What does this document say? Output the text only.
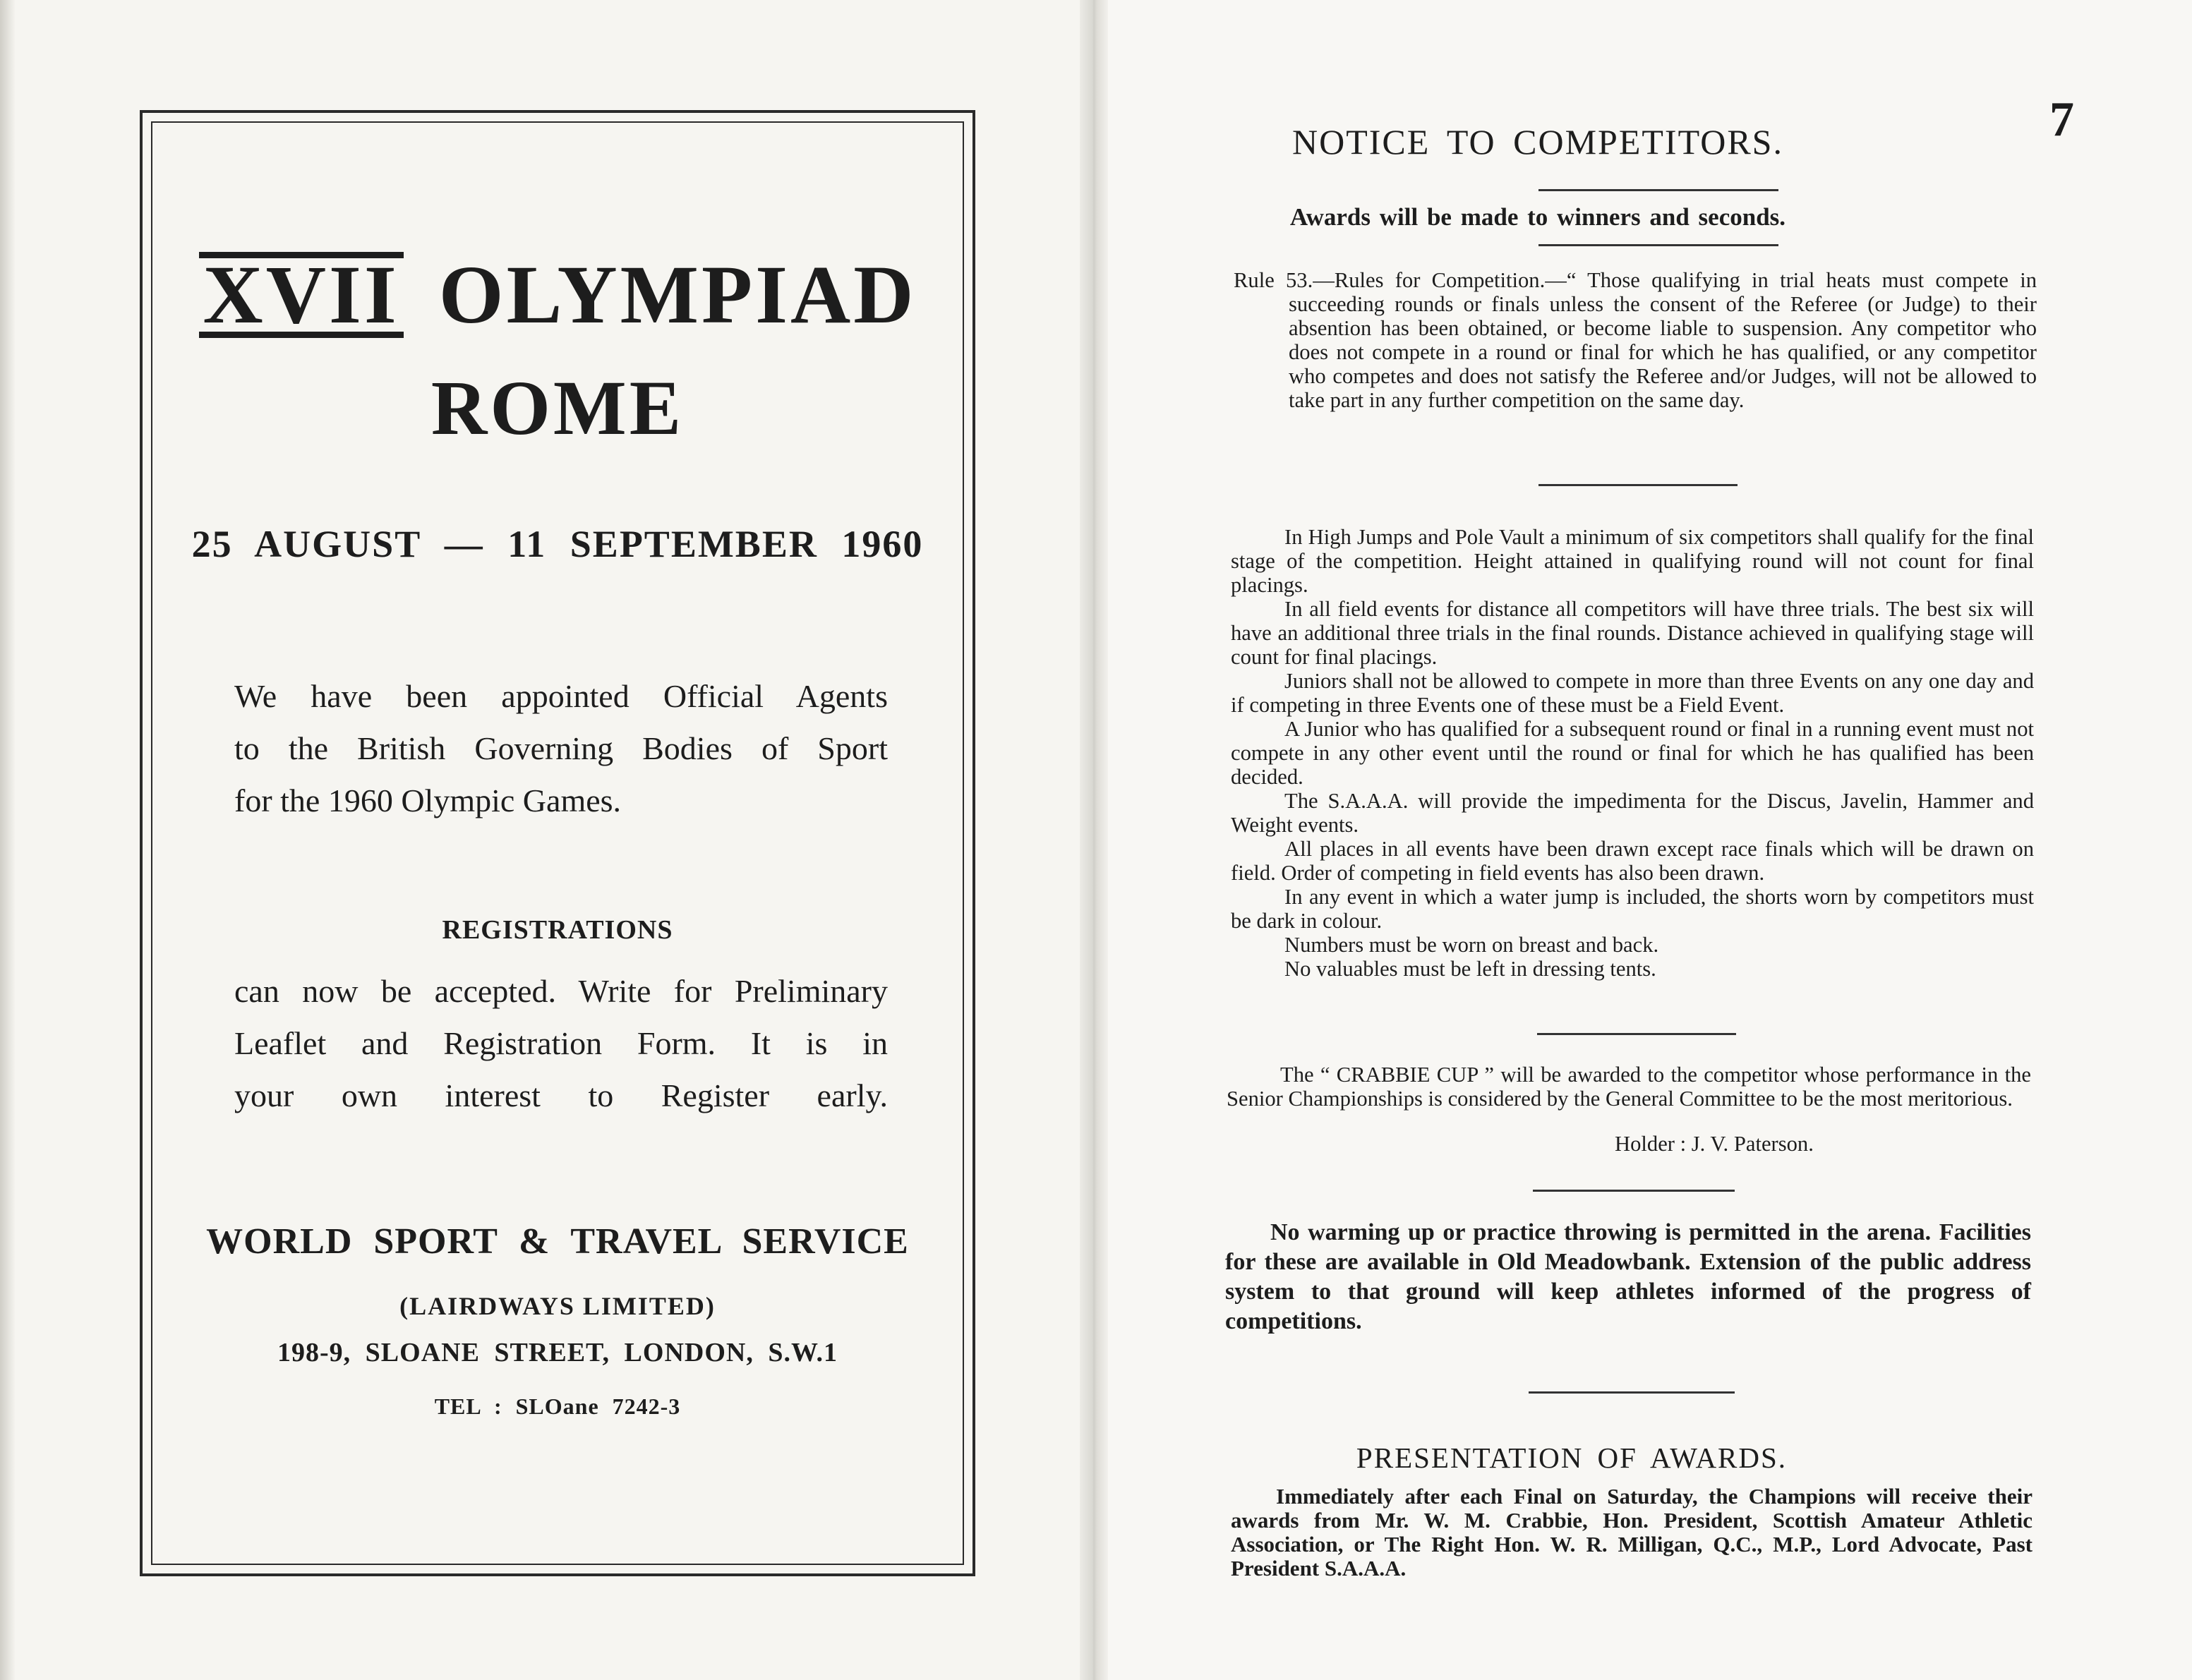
XVII OLYMPIAD
ROME
25 AUGUST — 11 SEPTEMBER 1960
We have been appointed Official Agents
to the British Governing Bodies of Sport
for the 1960 Olympic Games.
REGISTRATIONS
can now be accepted. Write for Preliminary
Leaflet and Registration Form. It is in
your own interest to Register early.
WORLD SPORT & TRAVEL SERVICE
(LAIRDWAYS LIMITED)
198-9, SLOANE STREET, LONDON, S.W.1
TEL : SLOane 7242-3
7
NOTICE TO COMPETITORS.
Awards will be made to winners and seconds.

Rule 53.—Rules for Competition.—“ Those qualifying in trial heats must compete in succeeding rounds or finals unless the consent of the Referee (or Judge) to their absention has been obtained, or become liable to suspension. Any competitor who does not compete in a round or final for which he has qualified, or any competitor who competes and does not satisfy the Referee and/or Judges, will not be allowed to take part in any further competition on the same day.

In High Jumps and Pole Vault a minimum of six competitors shall qualify for the final stage of the competition. Height attained in qualifying round will not count for final placings.

In all field events for distance all competitors will have three trials. The best six will have an additional three trials in the final rounds. Distance achieved in qualifying stage will count for final placings.

Juniors shall not be allowed to compete in more than three Events on any one day and if competing in three Events one of these must be a Field Event.

A Junior who has qualified for a subsequent round or final in a running event must not compete in any other event until the round or final for which he has qualified has been decided.

The S.A.A.A. will provide the impedimenta for the Discus, Javelin, Hammer and Weight events.

All places in all events have been drawn except race finals which will be drawn on field. Order of competing in field events has also been drawn.

In any event in which a water jump is included, the shorts worn by competitors must be dark in colour.

Numbers must be worn on breast and back.

No valuables must be left in dressing tents.

The “ CRABBIE CUP ” will be awarded to the competitor whose performance in the Senior Championships is considered by the General Committee to be the most meritorious.

Holder : J. V. Paterson.

No warming up or practice throwing is permitted in the arena. Facilities for these are available in Old Meadowbank. Extension of the public address system to that ground will keep athletes informed of the progress of competitions.

PRESENTATION OF AWARDS.

Immediately after each Final on Saturday, the Champions will receive their awards from Mr. W. M. Crabbie, Hon. President, Scottish Amateur Athletic Association, or The Right Hon. W. R. Milligan, Q.C., M.P., Lord Advocate, Past President S.A.A.A.
